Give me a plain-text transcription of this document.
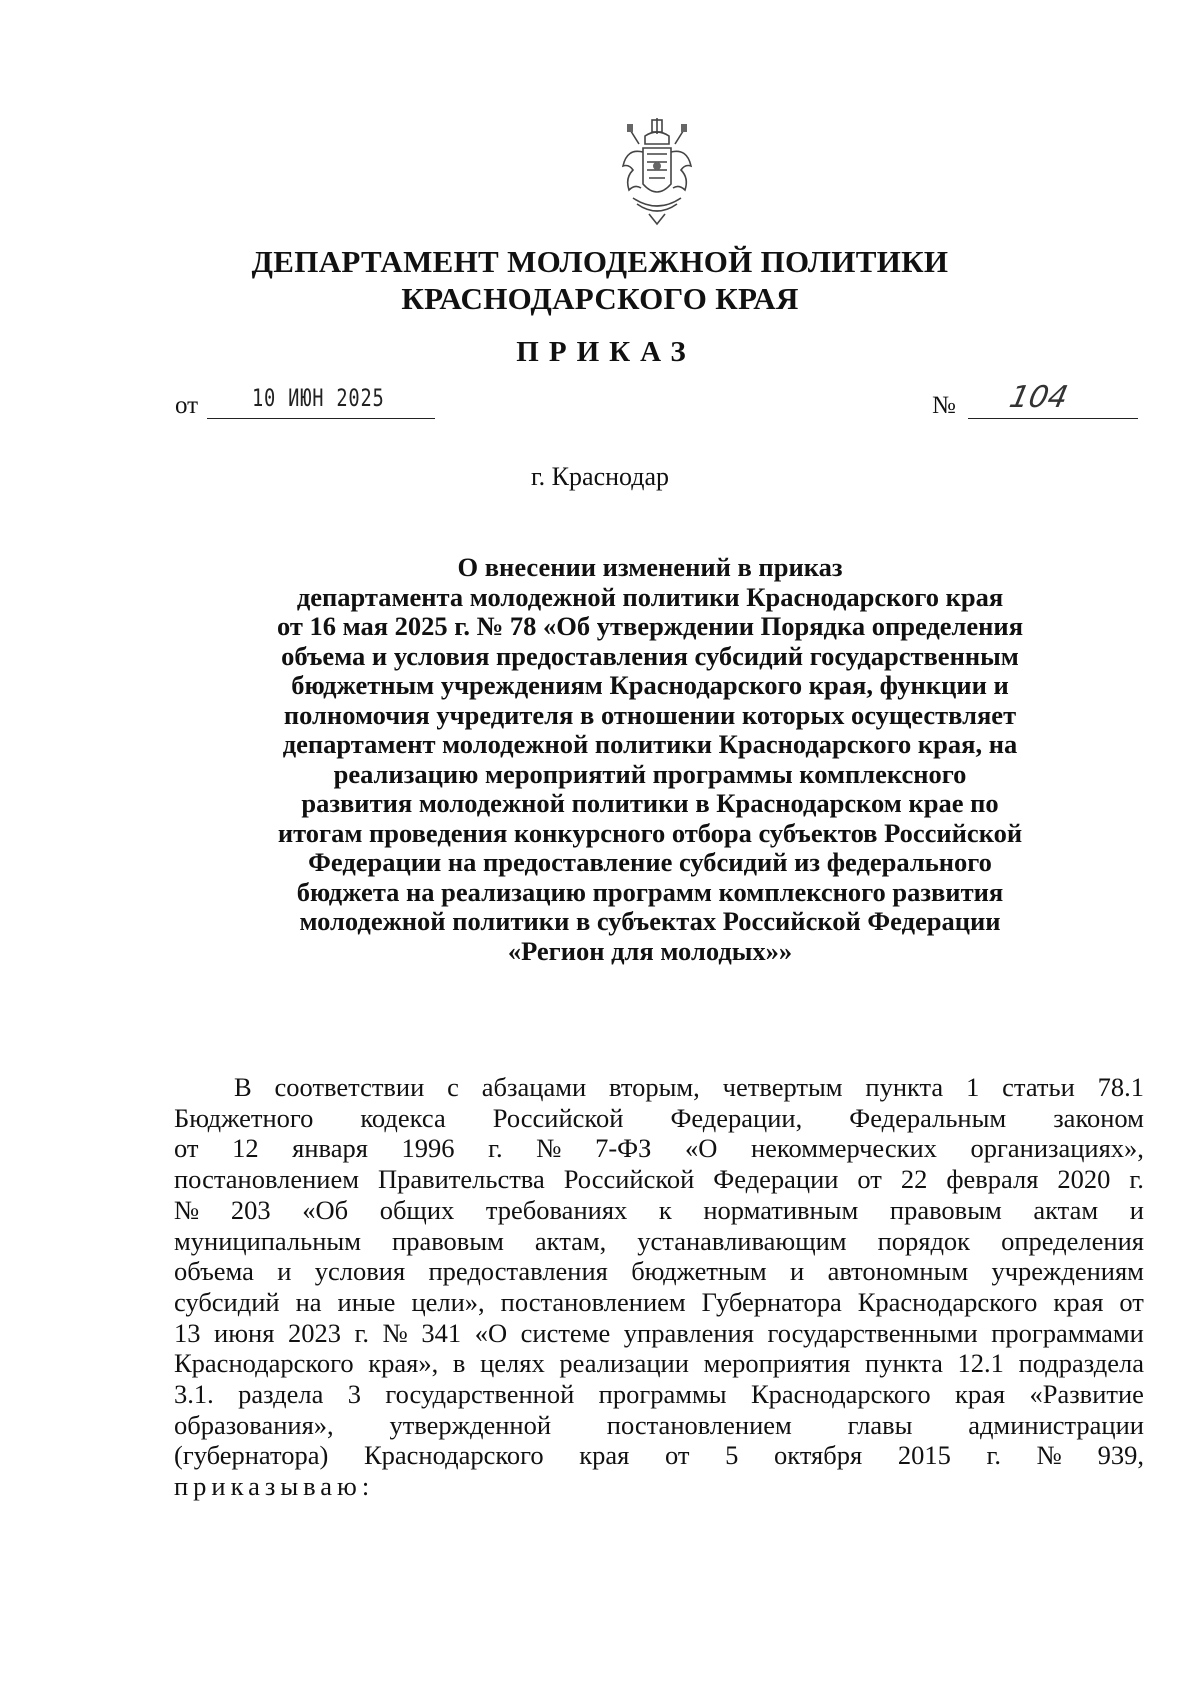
ДЕПАРТАМЕНТ МОЛОДЕЖНОЙ ПОЛИТИКИ
КРАСНОДАРСКОГО КРАЯ
ПРИКАЗ
от 10 ИЮН 2025	№ 104
г. Краснодар
О внесении изменений в приказ
департамента молодежной политики Краснодарского края
от 16 мая 2025 г. № 78 «Об утверждении Порядка определения
объема и условия предоставления субсидий государственным
бюджетным учреждениям Краснодарского края, функции и
полномочия учредителя в отношении которых осуществляет
департамент молодежной политики Краснодарского края, на
реализацию мероприятий программы комплексного
развития молодежной политики в Краснодарском крае по
итогам проведения конкурсного отбора субъектов Российской
Федерации на предоставление субсидий из федерального
бюджета на реализацию программ комплексного развития
молодежной политики в субъектах Российской Федерации
«Регион для молодых»»
В соответствии с абзацами вторым, четвертым пункта 1 статьи 78.1
Бюджетного кодекса Российской Федерации, Федеральным законом
от 12 января 1996 г. № 7-ФЗ «О некоммерческих организациях»,
постановлением Правительства Российской Федерации от 22 февраля 2020 г.
№ 203 «Об общих требованиях к нормативным правовым актам и
муниципальным правовым актам, устанавливающим порядок определения
объема и условия предоставления бюджетным и автономным учреждениям
субсидий на иные цели», постановлением Губернатора Краснодарского края от
13 июня 2023 г. № 341 «О системе управления государственными программами
Краснодарского края», в целях реализации мероприятия пункта 12.1 подраздела
3.1. раздела 3 государственной программы Краснодарского края «Развитие
образования», утвержденной постановлением главы администрации
(губернатора) Краснодарского края от 5 октября 2015 г. № 939,
приказываю:
